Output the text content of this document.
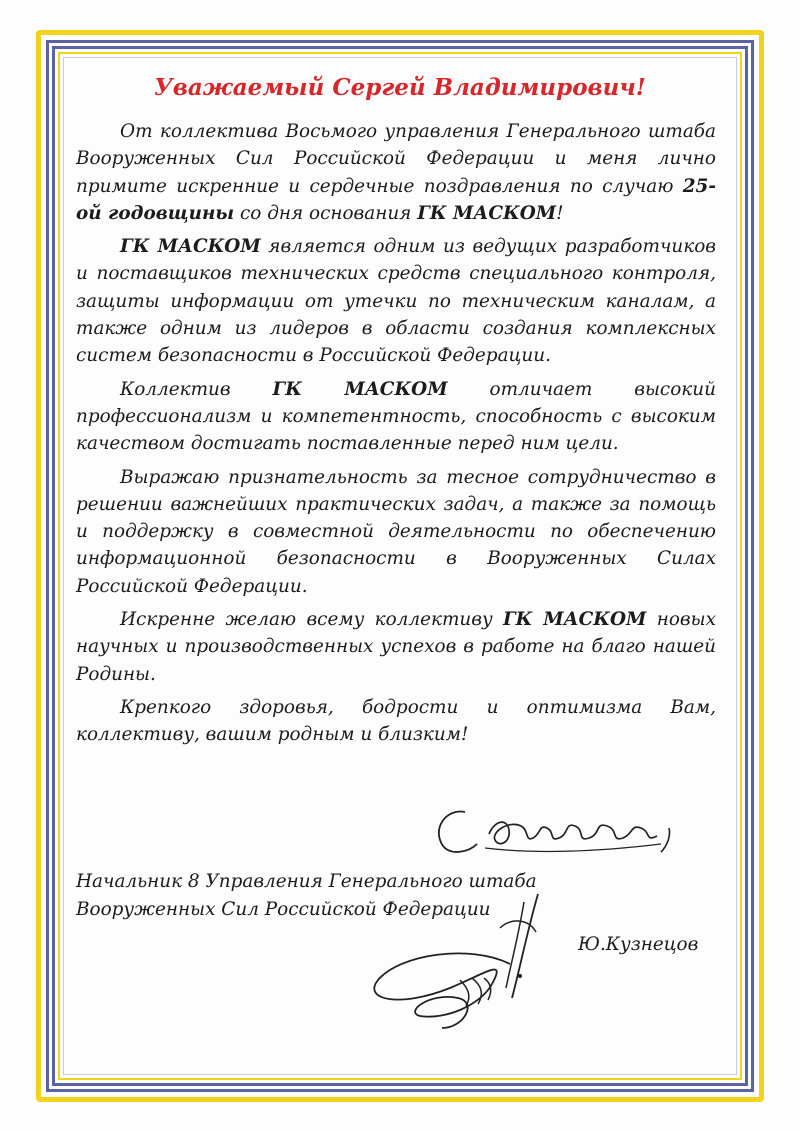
Уважаемый Сергей Владимирович!

От коллектива Восьмого управления Генерального штаба Вооруженных Сил Российской Федерации и меня лично примите искренние и сердечные поздравления по случаю 25-ой годовщины со дня основания ГК МАСКОМ!

ГК МАСКОМ является одним из ведущих разработчиков и поставщиков технических средств специального контроля, защиты информации от утечки по техническим каналам, а также одним из лидеров в области создания комплексных систем безопасности в Российской Федерации.

Коллектив ГК МАСКОМ отличает высокий профессионализм и компетентность, способность с высоким качеством достигать поставленные перед ним цели.

Выражаю признательность за тесное сотрудничество в решении важнейших практических задач, а также за помощь и поддержку в совместной деятельности по обеспечению информационной безопасности в Вооруженных Силах Российской Федерации.

Искренне желаю всему коллективу ГК МАСКОМ новых научных и производственных успехов в работе на благо нашей Родины.

Крепкого здоровья, бодрости и оптимизма Вам, коллективу, вашим родным и близким!

Начальник 8 Управления Генерального штаба
Вооруженных Сил Российской Федерации
Ю.Кузнецов
